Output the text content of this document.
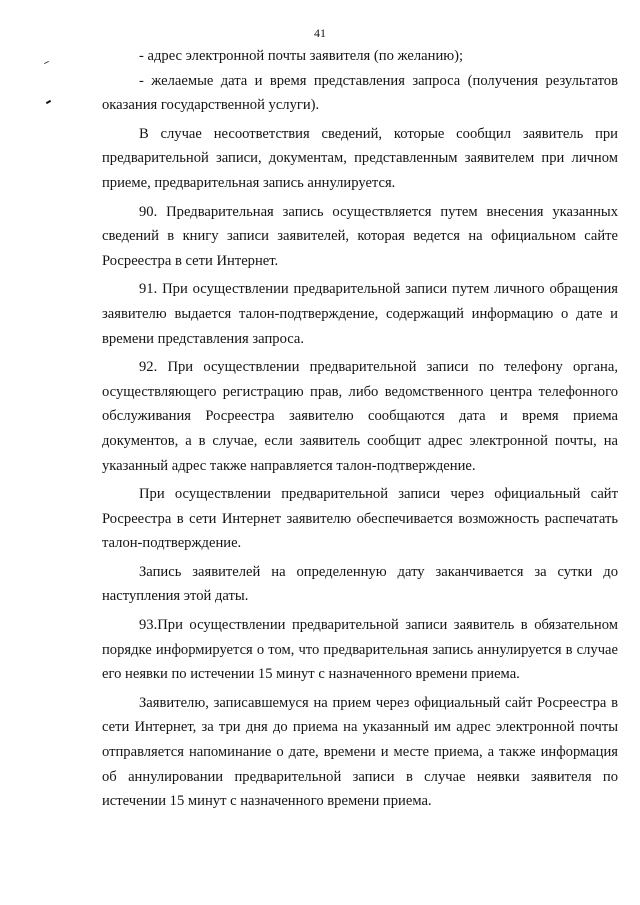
41

- адрес электронной почты заявителя (по желанию);

- желаемые дата и время представления запроса (получения результатов оказания государственной услуги).

В случае несоответствия сведений, которые сообщил заявитель при предварительной записи, документам, представленным заявителем при личном приеме, предварительная запись аннулируется.

90. Предварительная запись осуществляется путем внесения указанных сведений в книгу записи заявителей, которая ведется на официальном сайте Росреестра в сети Интернет.

91. При осуществлении предварительной записи путем личного обращения заявителю выдается талон-подтверждение, содержащий информацию о дате и времени представления запроса.

92. При осуществлении предварительной записи по телефону органа, осуществляющего регистрацию прав, либо ведомственного центра телефонного обслуживания Росреестра заявителю сообщаются дата и время приема документов, а в случае, если заявитель сообщит адрес электронной почты, на указанный адрес также направляется талон-подтверждение.

При осуществлении предварительной записи через официальный сайт Росреестра в сети Интернет заявителю обеспечивается возможность распечатать талон-подтверждение.

Запись заявителей на определенную дату заканчивается за сутки до наступления этой даты.

93.При осуществлении предварительной записи заявитель в обязательном порядке информируется о том, что предварительная запись аннулируется в случае его неявки по истечении 15 минут с назначенного времени приема.

Заявителю, записавшемуся на прием через официальный сайт Росреестра в сети Интернет, за три дня до приема на указанный им адрес электронной почты отправляется напоминание о дате, времени и месте приема, а также информация об аннулировании предварительной записи в случае неявки заявителя по истечении 15 минут с назначенного времени приема.
